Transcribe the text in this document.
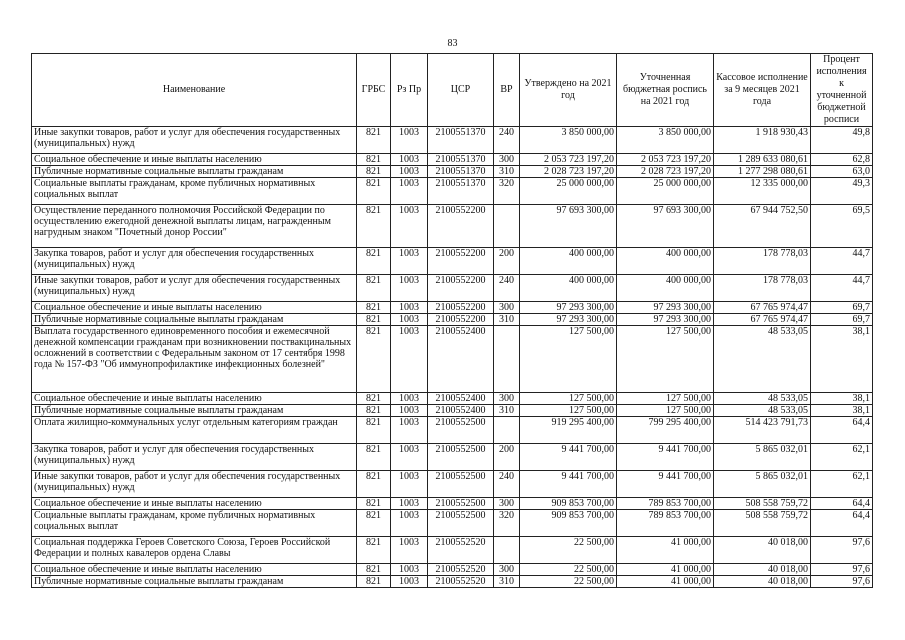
83
Наименование	ГРБС	Рз Пр	ЦСР	ВР	Утверждено на 2021 год	Уточненная бюджетная роспись на 2021 год	Кассовое исполнение за 9 месяцев 2021 года	Процент исполнения к уточненной бюджетной росписи
Иные закупки товаров, работ и услуг для обеспечения государственных (муниципальных) нужд	821	1003	2100551370	240	3 850 000,00	3 850 000,00	1 918 930,43	49,8
Социальное обеспечение и иные выплаты населению	821	1003	2100551370	300	2 053 723 197,20	2 053 723 197,20	1 289 633 080,61	62,8
Публичные нормативные социальные выплаты гражданам	821	1003	2100551370	310	2 028 723 197,20	2 028 723 197,20	1 277 298 080,61	63,0
Социальные выплаты гражданам, кроме публичных нормативных социальных выплат	821	1003	2100551370	320	25 000 000,00	25 000 000,00	12 335 000,00	49,3
Осуществление переданного полномочия Российской Федерации по осуществлению ежегодной денежной выплаты лицам, награжденным нагрудным знаком "Почетный донор России"	821	1003	2100552200		97 693 300,00	97 693 300,00	67 944 752,50	69,5
Закупка товаров, работ и услуг для обеспечения государственных (муниципальных) нужд	821	1003	2100552200	200	400 000,00	400 000,00	178 778,03	44,7
Иные закупки товаров, работ и услуг для обеспечения государственных (муниципальных) нужд	821	1003	2100552200	240	400 000,00	400 000,00	178 778,03	44,7
Социальное обеспечение и иные выплаты населению	821	1003	2100552200	300	97 293 300,00	97 293 300,00	67 765 974,47	69,7
Публичные нормативные социальные выплаты гражданам	821	1003	2100552200	310	97 293 300,00	97 293 300,00	67 765 974,47	69,7
Выплата государственного единовременного пособия и ежемесячной денежной компенсации гражданам при возникновении поствакцинальных осложнений в соответствии с Федеральным законом от 17 сентября 1998 года № 157-ФЗ "Об иммунопрофилактике инфекционных болезней"	821	1003	2100552400		127 500,00	127 500,00	48 533,05	38,1
Социальное обеспечение и иные выплаты населению	821	1003	2100552400	300	127 500,00	127 500,00	48 533,05	38,1
Публичные нормативные социальные выплаты гражданам	821	1003	2100552400	310	127 500,00	127 500,00	48 533,05	38,1
Оплата жилищно-коммунальных услуг отдельным категориям граждан	821	1003	2100552500		919 295 400,00	799 295 400,00	514 423 791,73	64,4
Закупка товаров, работ и услуг для обеспечения государственных (муниципальных) нужд	821	1003	2100552500	200	9 441 700,00	9 441 700,00	5 865 032,01	62,1
Иные закупки товаров, работ и услуг для обеспечения государственных (муниципальных) нужд	821	1003	2100552500	240	9 441 700,00	9 441 700,00	5 865 032,01	62,1
Социальное обеспечение и иные выплаты населению	821	1003	2100552500	300	909 853 700,00	789 853 700,00	508 558 759,72	64,4
Социальные выплаты гражданам, кроме публичных нормативных социальных выплат	821	1003	2100552500	320	909 853 700,00	789 853 700,00	508 558 759,72	64,4
Социальная поддержка Героев Советского Союза, Героев Российской Федерации и полных кавалеров ордена Славы	821	1003	2100552520		22 500,00	41 000,00	40 018,00	97,6
Социальное обеспечение и иные выплаты населению	821	1003	2100552520	300	22 500,00	41 000,00	40 018,00	97,6
Публичные нормативные социальные выплаты гражданам	821	1003	2100552520	310	22 500,00	41 000,00	40 018,00	97,6
